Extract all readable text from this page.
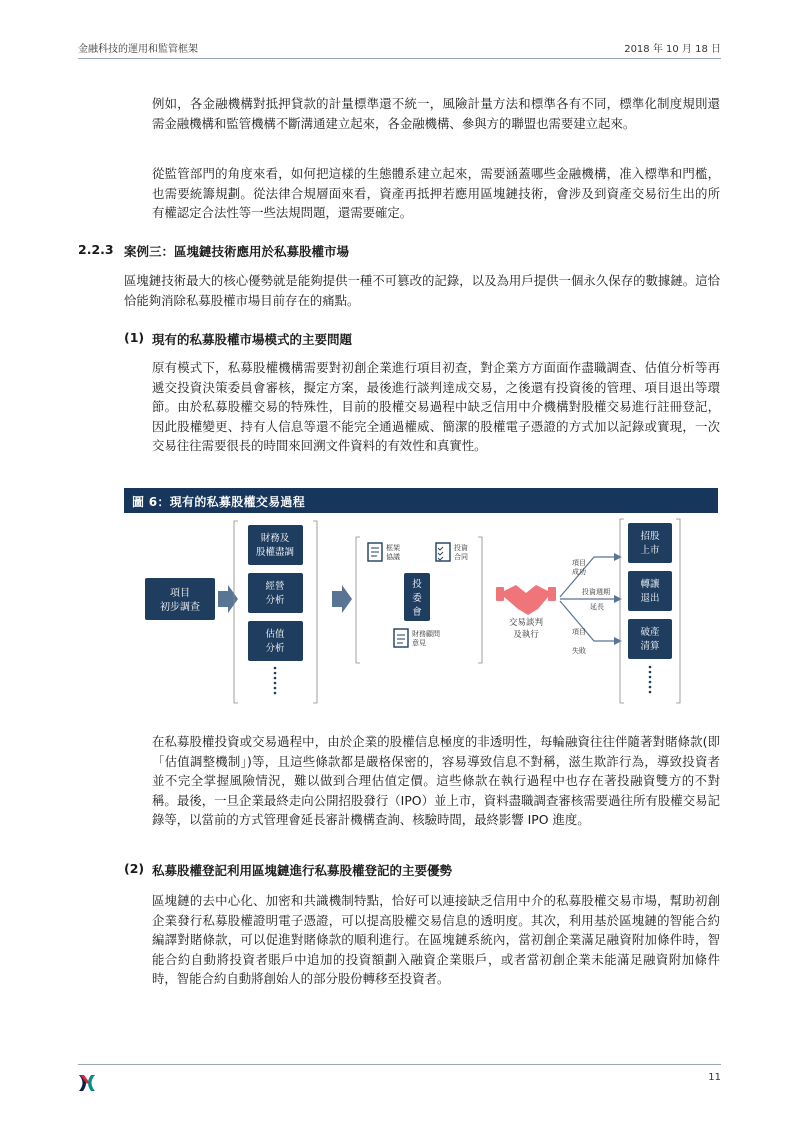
金融科技的運用和監管框架	2018 年 10 月 18 日

例如，各金融機構對抵押貸款的計量標準還不統一，風險計量方法和標準各有不同，標準化制度規則還需金融機構和監管機構不斷溝通建立起來，各金融機構、參與方的聯盟也需要建立起來。

從監管部門的角度來看，如何把這樣的生態體系建立起來，需要涵蓋哪些金融機構，准入標準和門檻，也需要統籌規劃。從法律合規層面來看，資產再抵押若應用區塊鏈技術，會涉及到資產交易衍生出的所有權認定合法性等一些法規問題，還需要確定。

2.2.3 案例三：區塊鏈技術應用於私募股權市場

區塊鏈技術最大的核心優勢就是能夠提供一種不可篡改的記錄，以及為用戶提供一個永久保存的數據鏈。這恰恰能夠消除私募股權市場目前存在的痛點。

(1) 現有的私募股權市場模式的主要問題

原有模式下，私募股權機構需要對初創企業進行項目初查，對企業方方面面作盡職調查、估值分析等再遞交投資決策委員會審核，擬定方案，最後進行談判達成交易，之後還有投資後的管理、項目退出等環節。由於私募股權交易的特殊性，目前的股權交易過程中缺乏信用中介機構對股權交易進行註冊登記，因此股權變更、持有人信息等還不能完全通過權威、簡潔的股權電子憑證的方式加以記錄或實現，一次交易往往需要很長的時間來回溯文件資料的有效性和真實性。

圖 6：現有的私募股權交易過程
項目
初步調查
財務及
股權盡調
經營
分析
估值
分析
框架
協議
投資
合同
投
委
會
財務顧問
意見
交易談判
及執行
項目
成功
投資週期
延長
項目
失敗
招股
上市
轉讓
退出
破產
清算

在私募股權投資或交易過程中，由於企業的股權信息極度的非透明性，每輪融資往往伴隨著對賭條款(即「估值調整機制」)等，且這些條款都是嚴格保密的，容易導致信息不對稱，滋生欺詐行為，導致投資者並不完全掌握風險情況，難以做到合理估值定價。這些條款在執行過程中也存在著投融資雙方的不對稱。最後，一旦企業最終走向公開招股發行（IPO）並上市，資料盡職調查審核需要過往所有股權交易記錄等，以當前的方式管理會延長審計機構查詢、核驗時間，最終影響 IPO 進度。

(2) 私募股權登記利用區塊鏈進行私募股權登記的主要優勢

區塊鏈的去中心化、加密和共識機制特點，恰好可以連接缺乏信用中介的私募股權交易市場，幫助初創企業發行私募股權證明電子憑證，可以提高股權交易信息的透明度。其次，利用基於區塊鏈的智能合約編譯對賭條款，可以促進對賭條款的順利進行。在區塊鏈系統內，當初創企業滿足融資附加條件時，智能合約自動將投資者賬戶中追加的投資額劃入融資企業賬戶，或者當初創企業未能滿足融資附加條件時，智能合約自動將創始人的部分股份轉移至投資者。

11
